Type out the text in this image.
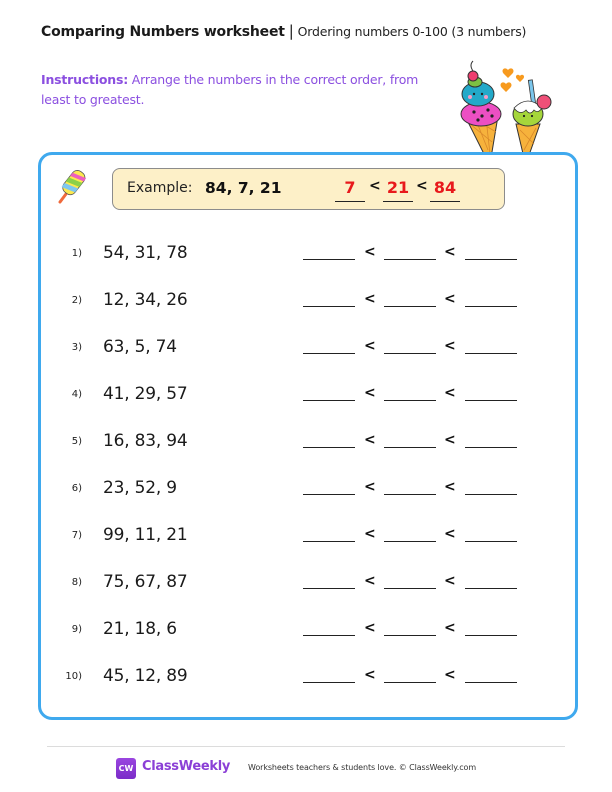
Comparing Numbers worksheet | Ordering numbers 0-100 (3 numbers)
Instructions: Arrange the numbers in the correct order, from least to greatest.
Example: 84, 7, 21	7 < 21 < 84
1) 54, 31, 78	<	<
2) 12, 34, 26	<	<
3) 63, 5, 74	<	<
4) 41, 29, 57	<	<
5) 16, 83, 94	<	<
6) 23, 52, 9	<	<
7) 99, 11, 21	<	<
8) 75, 67, 87	<	<
9) 21, 18, 6	<	<
10) 45, 12, 89	<	<
CW ClassWeekly Worksheets teachers & students love. © ClassWeekly.com
